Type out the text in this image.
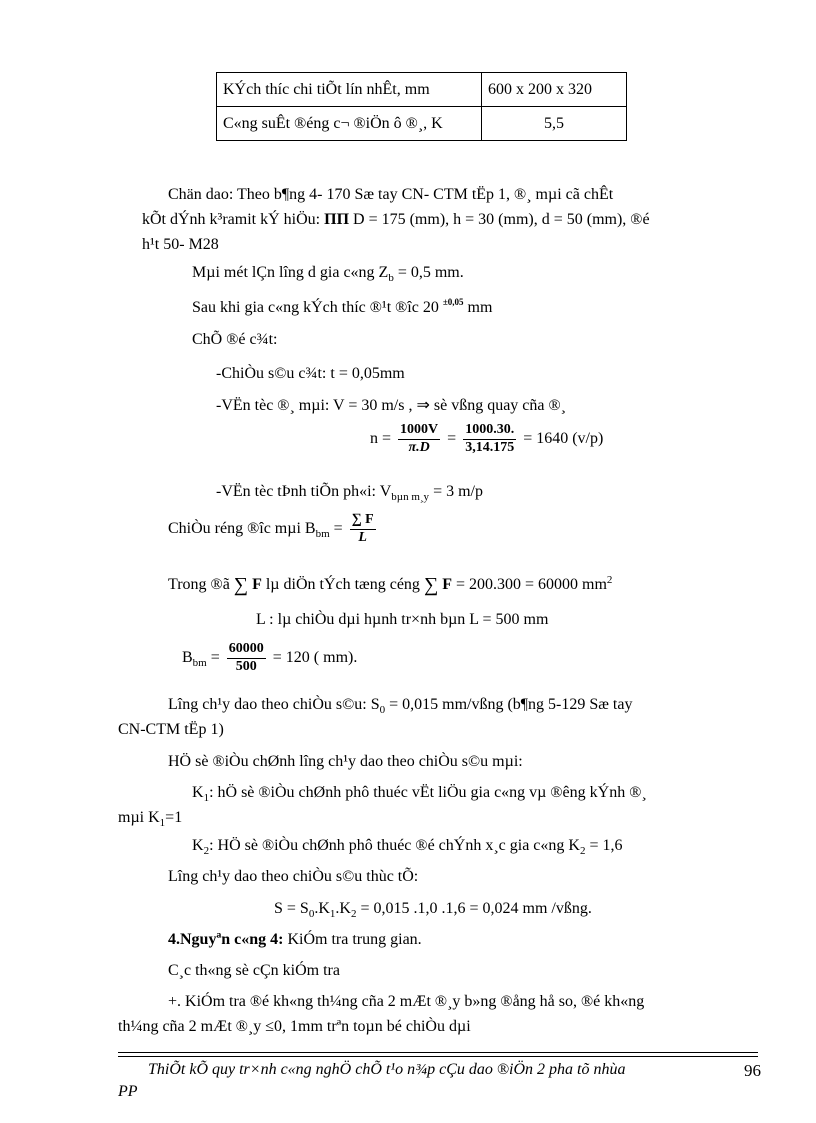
KÝch thíc chi tiÕt lín nhÊt, mm	600 x 200 x 320
C«ng suÊt ®éng c¬ ®iÖn ô ®¸, K	5,5
Chän dao: Theo b¶ng 4- 170 Sæ tay CN- CTM tËp 1, ®¸ mµi cã chÊt
kÕt dÝnh k³ramit kÝ hiÖu: ПП D = 175 (mm), h = 30 (mm), d = 50 (mm), ®é
h¹t 50- M28
Mµi mét lÇn lîng d gia c«ng $Z_b = 0,5$ mm.
Sau khi gia c«ng kÝch thíc ®¹t ®îc 20 $^{\pm 0,05}$ mm
ChÕ ®é c¾t:
-ChiÒu s©u c¾t: t = 0,05mm
-VËn tèc ®¸ mµi: V = 30 m/s , ⇒ sè vßng quay cña ®¸
$n = \frac{1000V}{\pi.D} = \frac{1000.30.}{3,14.175} = 1640$ (v/p)
-VËn tèc tÞnh tiÕn ph«i: $V_{b\mu n m¸y} = 3$ m/p
ChiÒu réng ®îc mµi $B_{bm} = \frac{\sum F}{L}$
Trong ®ã ∑ F lµ diÖn tÝch tæng céng ∑ F = 200.300 = 60000 $mm^2$
L : lµ chiÒu dµi hµnh tr×nh bµn L = 500 mm
$B_{bm} = \frac{60000}{500} = 120$ ( mm).
Lîng ch¹y dao theo chiÒu s©u: $S_0 = 0,015$ mm/vßng (b¶ng 5-129 Sæ tay
CN-CTM tËp 1)
HÖ sè ®iÒu chØnh lîng ch¹y dao theo chiÒu s©u mµi:
$K_1$: hÖ sè ®iÒu chØnh phô thuéc vËt liÖu gia c«ng vµ ®êng kÝnh ®¸
mµi $K_1=1$
$K_2$: HÖ sè ®iÒu chØnh phô thuéc ®é chÝnh x¸c gia c«ng $K_2 = 1,6$
Lîng ch¹y dao theo chiÒu s©u thùc tÕ:
$S = S_0.K_1.K_2 = 0,015$ .1,0 .1,6 = 0,024 mm /vßng.
4.Nguyªn c«ng 4: KiÓm tra trung gian.
C¸c th«ng sè cÇn kiÓm tra
+. KiÓm tra ®é kh«ng th¼ng cña 2 mÆt ®¸y b»ng ®ång hå so, ®é kh«ng
th¼ng cña 2 mÆt ®¸y ≤0, 1mm trªn toµn bé chiÒu dµi
ThiÕt kÕ quy tr×nh c«ng nghÖ chÕ t¹o n¾p cÇu dao ®iÖn 2 pha tõ nhùa
PP
96
